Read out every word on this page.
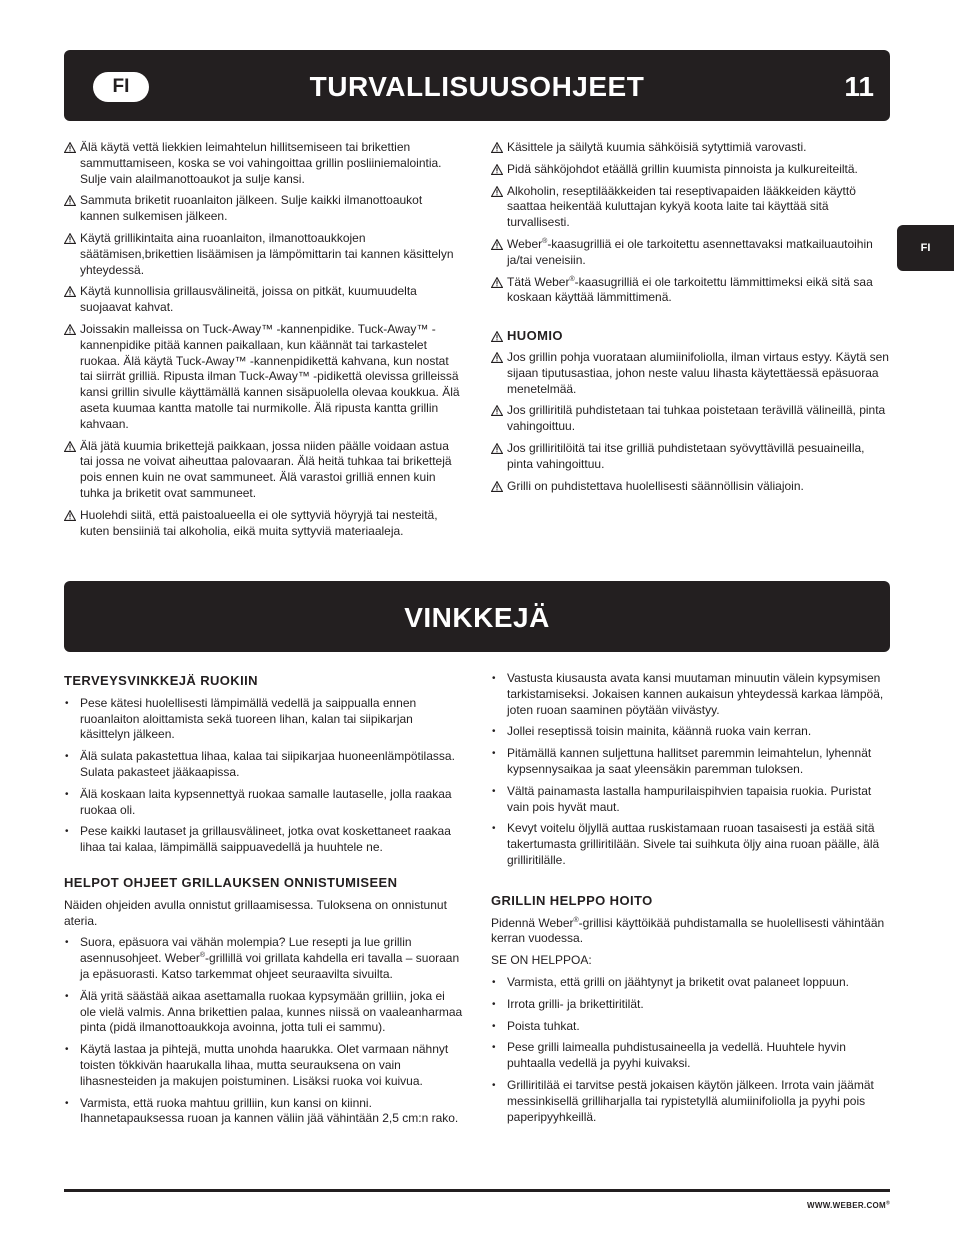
FI	TURVALLISUUSOHJEET	11
FI

Älä käytä vettä liekkien leimahtelun hillitsemiseen tai brikettien sammuttamiseen, koska se voi vahingoittaa grillin posliiniemalointia. Sulje vain alailmanottoaukot ja sulje kansi.

Sammuta briketit ruoanlaiton jälkeen. Sulje kaikki ilmanottoaukot kannen sulkemisen jälkeen.

Käytä grillikintaita aina ruoanlaiton, ilmanottoaukkojen säätämisen,brikettien lisäämisen ja lämpömittarin tai kannen käsittelyn yhteydessä.

Käytä kunnollisia grillausvälineitä, joissa on pitkät, kuumuudelta suojaavat kahvat.

Joissakin malleissa on Tuck-Away™ -kannenpidike. Tuck-Away™ -kannenpidike pitää kannen paikallaan, kun käännät tai tarkastelet ruokaa. Älä käytä Tuck-Away™ -kannenpidikettä kahvana, kun nostat tai siirrät grilliä. Ripusta ilman Tuck-Away™ -pidikettä olevissa grilleissä kansi grillin sivulle käyttämällä kannen sisäpuolella olevaa koukkua. Älä aseta kuumaa kantta matolle tai nurmikolle. Älä ripusta kantta grillin kahvaan.

Älä jätä kuumia brikettejä paikkaan, jossa niiden päälle voidaan astua tai jossa ne voivat aiheuttaa palovaaran. Älä heitä tuhkaa tai brikettejä pois ennen kuin ne ovat sammuneet. Älä varastoi grilliä ennen kuin tuhka ja briketit ovat sammuneet.

Huolehdi siitä, että paistoalueella ei ole syttyviä höyryjä tai nesteitä, kuten bensiiniä tai alkoholia, eikä muita syttyviä materiaaleja.

Käsittele ja säilytä kuumia sähköisiä sytyttimiä varovasti.

Pidä sähköjohdot etäällä grillin kuumista pinnoista ja kulkureiteiltä.

Alkoholin, reseptilääkkeiden tai reseptivapaiden lääkkeiden käyttö saattaa heikentää kuluttajan kykyä koota laite tai käyttää sitä turvallisesti.

Weber®-kaasugrilliä ei ole tarkoitettu asennettavaksi matkailuautoihin ja/tai veneisiin.

Tätä Weber®-kaasugrilliä ei ole tarkoitettu lämmittimeksi eikä sitä saa koskaan käyttää lämmittimenä.

HUOMIO

Jos grillin pohja vuorataan alumiinifoliolla, ilman virtaus estyy. Käytä sen sijaan tiputusastiaa, johon neste valuu lihasta käytettäessä epäsuoraa menetelmää.

Jos grilliritilä puhdistetaan tai tuhkaa poistetaan terävillä välineillä, pinta vahingoittuu.

Jos grilliritilöitä tai itse grilliä puhdistetaan syövyttävillä pesuaineilla, pinta vahingoittuu.

Grilli on puhdistettava huolellisesti säännöllisin väliajoin.

VINKKEJÄ
TERVEYSVINKKEJÄ RUOKIIN
• Pese kätesi huolellisesti lämpimällä vedellä ja saippualla ennen ruoanlaiton aloittamista sekä tuoreen lihan, kalan tai siipikarjan käsittelyn jälkeen.
• Älä sulata pakastettua lihaa, kalaa tai siipikarjaa huoneenlämpötilassa. Sulata pakasteet jääkaapissa.
• Älä koskaan laita kypsennettyä ruokaa samalle lautaselle, jolla raakaa ruokaa oli.
• Pese kaikki lautaset ja grillausvälineet, jotka ovat koskettaneet raakaa lihaa tai kalaa, lämpimällä saippuavedellä ja huuhtele ne.
HELPOT OHJEET GRILLAUKSEN ONNISTUMISEEN

Näiden ohjeiden avulla onnistut grillaamisessa. Tuloksena on onnistunut ateria.

• Suora, epäsuora vai vähän molempia? Lue resepti ja lue grillin asennusohjeet. Weber®-grillillä voi grillata kahdella eri tavalla – suoraan ja epäsuorasti. Katso tarkemmat ohjeet seuraavilta sivuilta.
• Älä yritä säästää aikaa asettamalla ruokaa kypsymään grilliin, joka ei ole vielä valmis. Anna brikettien palaa, kunnes niissä on vaaleanharmaa pinta (pidä ilmanottoaukkoja avoinna, jotta tuli ei sammu).
• Käytä lastaa ja pihtejä, mutta unohda haarukka. Olet varmaan nähnyt toisten tökkivän haarukalla lihaa, mutta seurauksena on vain lihasnesteiden ja makujen poistuminen. Lisäksi ruoka voi kuivua.
• Varmista, että ruoka mahtuu grilliin, kun kansi on kiinni. Ihannetapauksessa ruoan ja kannen väliin jää vähintään 2,5 cm:n rako.
• Vastusta kiusausta avata kansi muutaman minuutin välein kypsymisen tarkistamiseksi. Jokaisen kannen aukaisun yhteydessä karkaa lämpöä, joten ruoan saaminen pöytään viivästyy.
• Jollei reseptissä toisin mainita, käännä ruoka vain kerran.
• Pitämällä kannen suljettuna hallitset paremmin leimahtelun, lyhennät kypsennysaikaa ja saat yleensäkin paremman tuloksen.
• Vältä painamasta lastalla hampurilaispihvien tapaisia ruokia. Puristat vain pois hyvät maut.
• Kevyt voitelu öljyllä auttaa ruskistamaan ruoan tasaisesti ja estää sitä takertumasta grilliritilään. Sivele tai suihkuta öljy aina ruoan päälle, älä grilliritilälle.
GRILLIN HELPPO HOITO

Pidennä Weber®-grillisi käyttöikää puhdistamalla se huolellisesti vähintään kerran vuodessa.

SE ON HELPPOA:

• Varmista, että grilli on jäähtynyt ja briketit ovat palaneet loppuun.
• Irrota grilli- ja brikettiritilät.
• Poista tuhkat.
• Pese grilli laimealla puhdistusaineella ja vedellä. Huuhtele hyvin puhtaalla vedellä ja pyyhi kuivaksi.
• Grilliritilää ei tarvitse pestä jokaisen käytön jälkeen. Irrota vain jäämät messinkisellä grilliharjalla tai rypistetyllä alumiinifoliolla ja pyyhi pois paperipyyhkeillä.
WWW.WEBER.COM®
